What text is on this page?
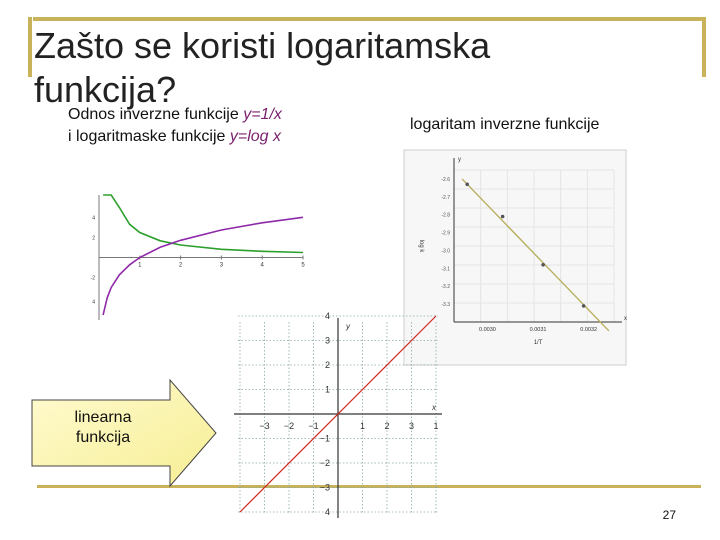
Zašto se koristi logaritamska funkcija?
Odnos inverzne funkcije y=1/x
i logaritmaske funkcije y=log x
logaritam inverzne funkcije
1	2	3	4	5
4
2
-2
4
y
x
-2.6
-2.7
-2.8
-2.9
-3.0
-3.1
-3.2
-3.3
0.0030	0.0031	0.0032
1/T
log k
y
x
−3 −2 −1	1 2 3 1
4
3
2
1
−1
−2
−3
4
linearna
funkcija
27
